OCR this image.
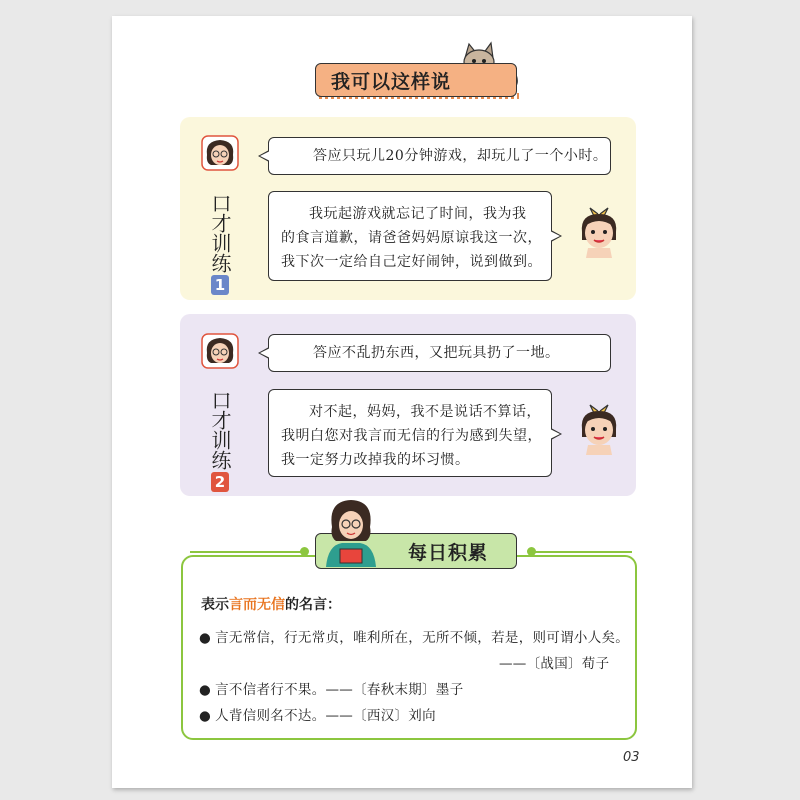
我可以这样说
口才训练
1

答应只玩儿20分钟游戏，却玩儿了一个小时。

我玩起游戏就忘记了时间，我为我

的食言道歉，请爸爸妈妈原谅我这一次，

我下次一定给自己定好闹钟，说到做到。

口才训练
2

答应不乱扔东西，又把玩具扔了一地。

对不起，妈妈，我不是说话不算话，

我明白您对我言而无信的行为感到失望，

我一定努力改掉我的坏习惯。

每日积累
表示言而无信的名言：
● 言无常信，行无常贞，唯利所在，无所不倾，若是，则可谓小人矣。
——〔战国〕荀子
● 言不信者行不果。——〔春秋末期〕墨子
● 人背信则名不达。——〔西汉〕刘向
03
